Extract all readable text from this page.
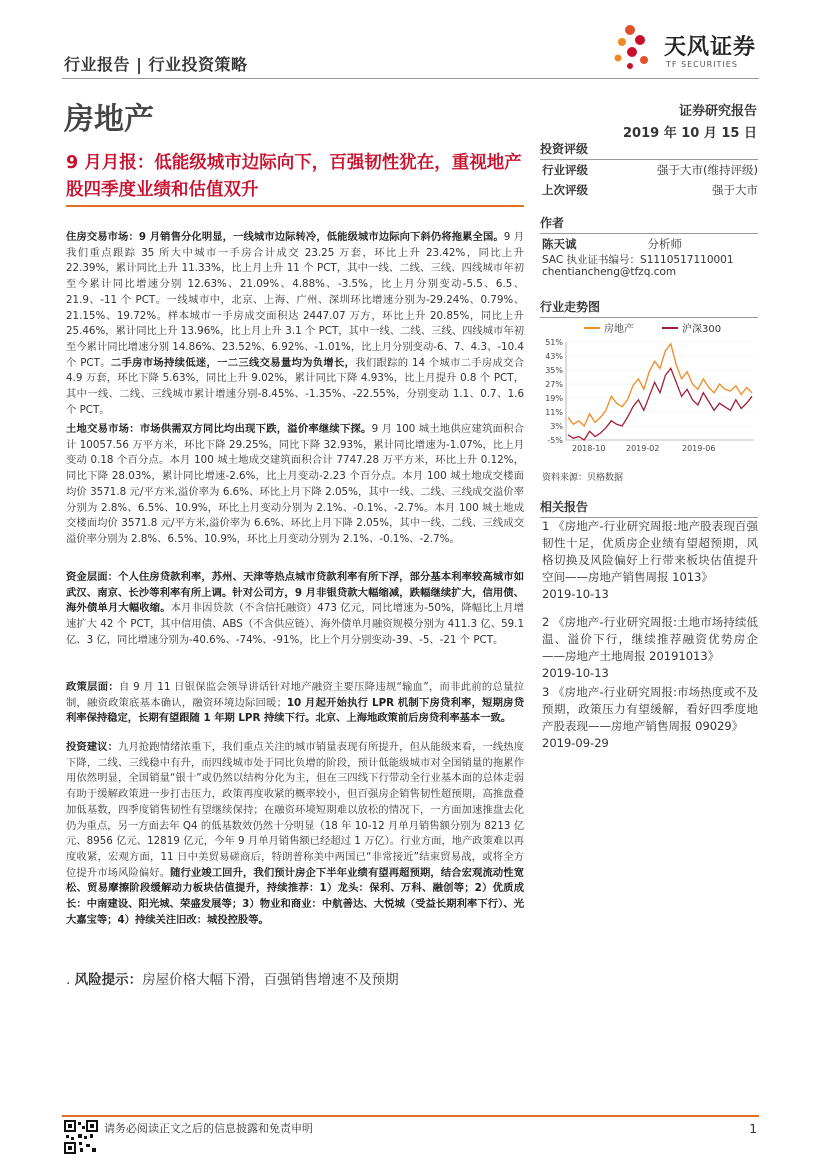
行业报告 | 行业投资策略
房地产
天风证券
TF SECURITIES
证券研究报告
2019 年 10 月 15 日
9 月月报：低能级城市边际向下，百强韧性犹在，重视地产股四季度业绩和估值双升
住房交易市场：9 月销售分化明显，一线城市边际转冷，低能级城市边际向下斜仍将拖累全国。9 月我们重点跟踪 35 所大中城市一手房合计成交 23.25 万套，环比上升 23.42%，同比上升 22.39%，累计同比上升 11.33%，比上月上升 11 个 PCT，其中一线、二线、三线、四线城市年初至今累计同比增速分别 12.63%、21.09%、4.88%、-3.5%，比上月分别变动-5.5、6.5、21.9、-11 个 PCT。一线城市中，北京、上海、广州、深圳环比增速分别为-29.24%、0.79%、21.15%、19.72%。样本城市一手房成交面积达 2447.07 万方，环比上升 20.85%，同比上升 25.46%，累计同比上升 13.96%，比上月上升 3.1 个 PCT，其中一线、二线、三线、四线城市年初至今累计同比增速分别 14.86%、23.52%、6.92%、-1.01%，比上月分别变动-6、7、4.3、-10.4 个 PCT。二手房市场持续低迷，一二三线交易量均为负增长，我们跟踪的 14 个城市二手房成交合 4.9 万套，环比下降 5.63%，同比上升 9.02%，累计同比下降 4.93%，比上月提升 0.8 个 PCT，其中一线、二线、三线城市累计增速分别-8.45%、-1.35%、-22.55%，分别变动 1.1、0.7、1.6 个 PCT。
土地交易市场：市场供需双方同比均出现下跌，溢价率继续下探。9 月 100 城土地供应建筑面积合计 10057.56 万平方米，环比下降 29.25%，同比下降 32.93%，累计同比增速为-1.07%，比上月变动 0.18 个百分点。本月 100 城土地成交建筑面积合计 7747.28 万平方米，环比上升 0.12%，同比下降 28.03%，累计同比增速-2.6%，比上月变动-2.23 个百分点。本月 100 城土地成交楼面均价 3571.8 元/平方米,溢价率为 6.6%、环比上月下降 2.05%，其中一线、二线、三线成交溢价率分别为 2.8%、6.5%、10.9%，环比上月变动分别为 2.1%、-0.1%、-2.7%。本月 100 城土地成交楼面均价 3571.8 元/平方米,溢价率为 6.6%、环比上月下降 2.05%，其中一线、二线、三线成交溢价率分别为 2.8%、6.5%、10.9%，环比上月变动分别为 2.1%、-0.1%、-2.7%。
资金层面：个人住房贷款利率，苏州、天津等热点城市贷款利率有所下浮，部分基本利率较高城市如武汉、南京、长沙等利率有所上调。针对公司方，9 月非银贷款大幅缩减，跌幅继续扩大，信用债、海外债单月大幅收缩。本月非因贷款（不含信托融资）473 亿元，同比增速为-50%，降幅比上月增速扩大 42 个 PCT，其中信用债、ABS（不含供应链）、海外债单月融资规模分别为 411.3 亿、59.1 亿、3 亿，同比增速分别为-40.6%、-74%、-91%，比上个月分别变动-39、-5、-21 个 PCT。
政策层面：自 9 月 11 日银保监会领导讲话针对地产融资主要压降违规“输血”，而非此前的总量拉制，融资政策底基本确认，融资环境边际回暖；10 月起开始执行 LPR 机制下房贷利率，短期房贷利率保持稳定，长期有望跟随 1 年期 LPR 持续下行。北京、上海地政策前后房贷利率基本一致。
投资建议：九月抢跑情绪浓重下，我们重点关注的城市销量表现有所提升，但从能级来看，一线热度下降，二线、三线稳中有升，而四线城市处于同比负增的阶段，预计低能级城市对全国销量的拖累作用依然明显，全国销量“银十”或仍然以结构分化为主，但在三四线下行带动全行业基本面的总体走弱有助于缓解政策进一步打击压力，政策再度收紧的概率较小，但百强房企销售韧性超预期，高推盘叠加低基数，四季度销售韧性有望继续保持；在融资环境短期难以放松的情况下，一方面加速推盘去化仍为重点，另一方面去年 Q4 的低基数效仍然十分明显（18 年 10-12 月单月销售额分别为 8213 亿元、8956 亿元、12819 亿元，今年 9 月单月销售额已经超过 1 万亿）。行业方面，地产政策难以再度收紧，宏观方面，11 日中美贸易磋商后，特朗普称美中两国已“非常接近”结束贸易战，或将全方位提升市场风险偏好。随行业竣工回升，我们预计房企下半年业绩有望再超预期，结合宏观流动性宽松、贸易摩擦阶段缓解动力板块估值提升，持续推荐：1）龙头：保利、万科、融创等；2）优质成长：中南建设、阳光城、荣盛发展等；3）物业和商业：中航善达、大悦城（受益长期利率下行）、光大嘉宝等；4）持续关注旧改：城投控股等。
. 风险提示：房屋价格大幅下滑，百强销售增速不及预期
投资评级
行业评级	强于大市(维持评级)
上次评级	强于大市
作者
陈天诚	分析师
SAC 执业证书编号：S1110517110001
chentiancheng@tfzq.com
行业走势图
房地产	沪深300
51%
43%
35%
27%
19%
11%
3%
-5%
2018-10	2019-02	2019-06
资料来源：贝格数据
相关报告
1 《房地产-行业研究周报:地产股表现百强韧性十足，优质房企业绩有望超预期，风格切换及风险偏好上行带来板块估值提升空间——房地产销售周报 1013》
2019-10-13
2 《房地产-行业研究周报:土地市场持续低温、溢价下行，继续推荐融资优势房企——房地产土地周报 20191013》
2019-10-13
3 《房地产-行业研究周报:市场热度或不及预期，政策压力有望缓解，看好四季度地产股表现——房地产销售周报 09029》
2019-09-29
请务必阅读正文之后的信息披露和免责申明	1
